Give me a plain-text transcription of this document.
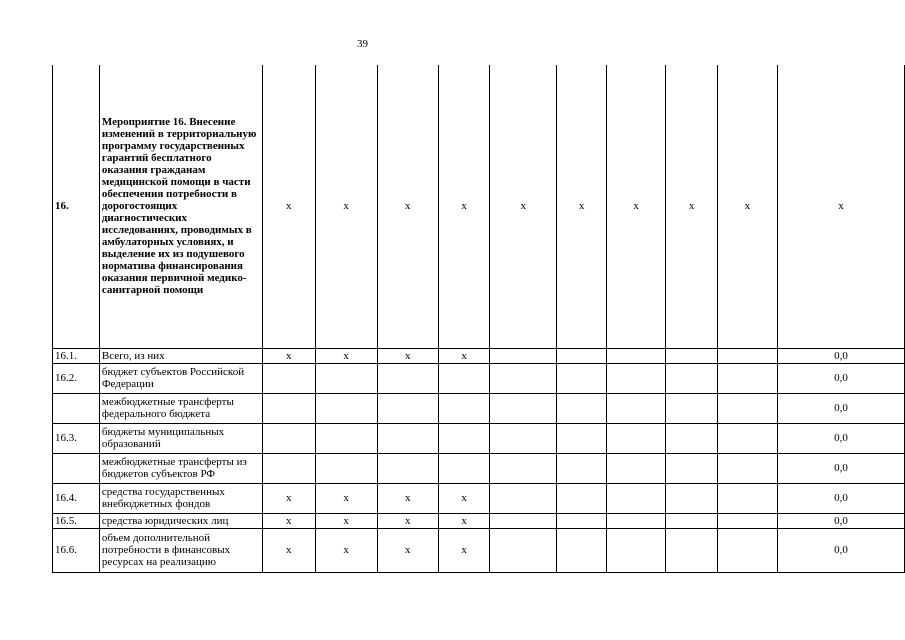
39
16.	Мероприятие 16. Внесение изменений в территориальную программу государственных гарантий бесплатного оказания гражданам медицинской помощи в части обеспечения потребности в дорогостоящих диагностических исследованиях, проводимых в амбулаторных условиях, и выделение их из подушевого норматива финансирования оказания первичной медико-санитарной помощи	x	x	x	x	x	x	x	x	x	x
16.1.	Всего, из них	x	x	x	x						0,0
16.2.	бюджет субъектов Российской Федерации										0,0
	межбюджетные трансферты федерального бюджета										0,0
16.3.	бюджеты муниципальных образований										0,0
	межбюджетные трансферты из бюджетов субъектов РФ										0,0
16.4.	средства государственных внебюджетных фондов	x	x	x	x						0,0
16.5.	средства юридических лиц	x	x	x	x						0,0
16.6.	объем дополнительной потребности в финансовых ресурсах на реализацию	x	x	x	x						0,0
